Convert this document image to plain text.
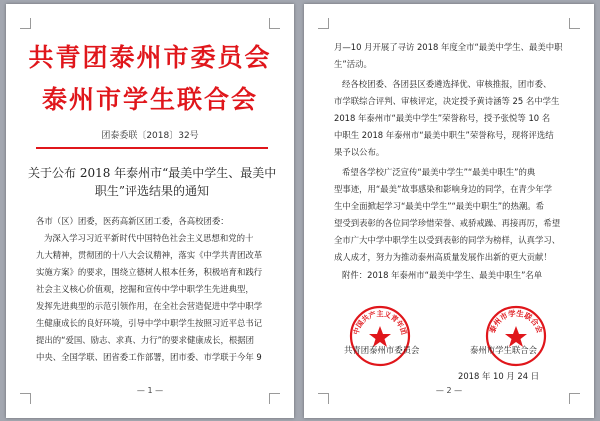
共青团泰州市委员会
泰州市学生联合会
团泰委联〔2018〕32号
关于公布 2018 年泰州市“最美中学生、最美中
职生”评选结果的通知
各市（区）团委，医药高新区团工委，各高校团委：
为深入学习习近平新时代中国特色社会主义思想和党的十
九大精神，贯彻团的十八大会议精神，落实《中学共青团改革
实施方案》的要求，围绕立德树人根本任务，积极培育和践行
社会主义核心价值观，挖掘和宣传中学中职学生先进典型，
发挥先进典型的示范引领作用，在全社会营造促进中学中职学
生健康成长的良好环境，引导中学中职学生按照习近平总书记
提出的“爱国、励志、求真、力行”的要求健康成长，根据团
中央、全国学联、团省委工作部署，团市委、市学联于今年 9
— 1 —
月—10 月开展了寻访 2018 年度全市“最美中学生、最美中职
生”活动。
经各校团委、各团县区委遴选择优、审核推报，团市委、
市学联综合评判、审核评定，决定授予黄诗涵等 25 名中学生
2018 年泰州市“最美中学生”荣誉称号，授予张悦等 10 名
中职生 2018 年泰州市“最美中职生”荣誉称号，现将评选结
果予以公布。
希望各学校广泛宣传“最美中学生”“最美中职生”的典
型事迹，用“最美”故事感染和影响身边的同学，在青少年学
生中全面掀起学习“最美中学生”“最美中职生”的热潮。希
望受到表彰的各位同学珍惜荣誉、戒骄戒躁、再接再厉，希望
全市广大中学中职学生以受到表彰的同学为榜样，认真学习、
成人成才，努力为推动泰州高质量发展作出新的更大贡献！
附件：2018 年泰州市“最美中学生、最美中职生”名单
中国共产主义青年团	泰州市学生联合会
共青团泰州市委员会	泰州市学生联合会
2018 年 10 月 24 日
— 2 —
